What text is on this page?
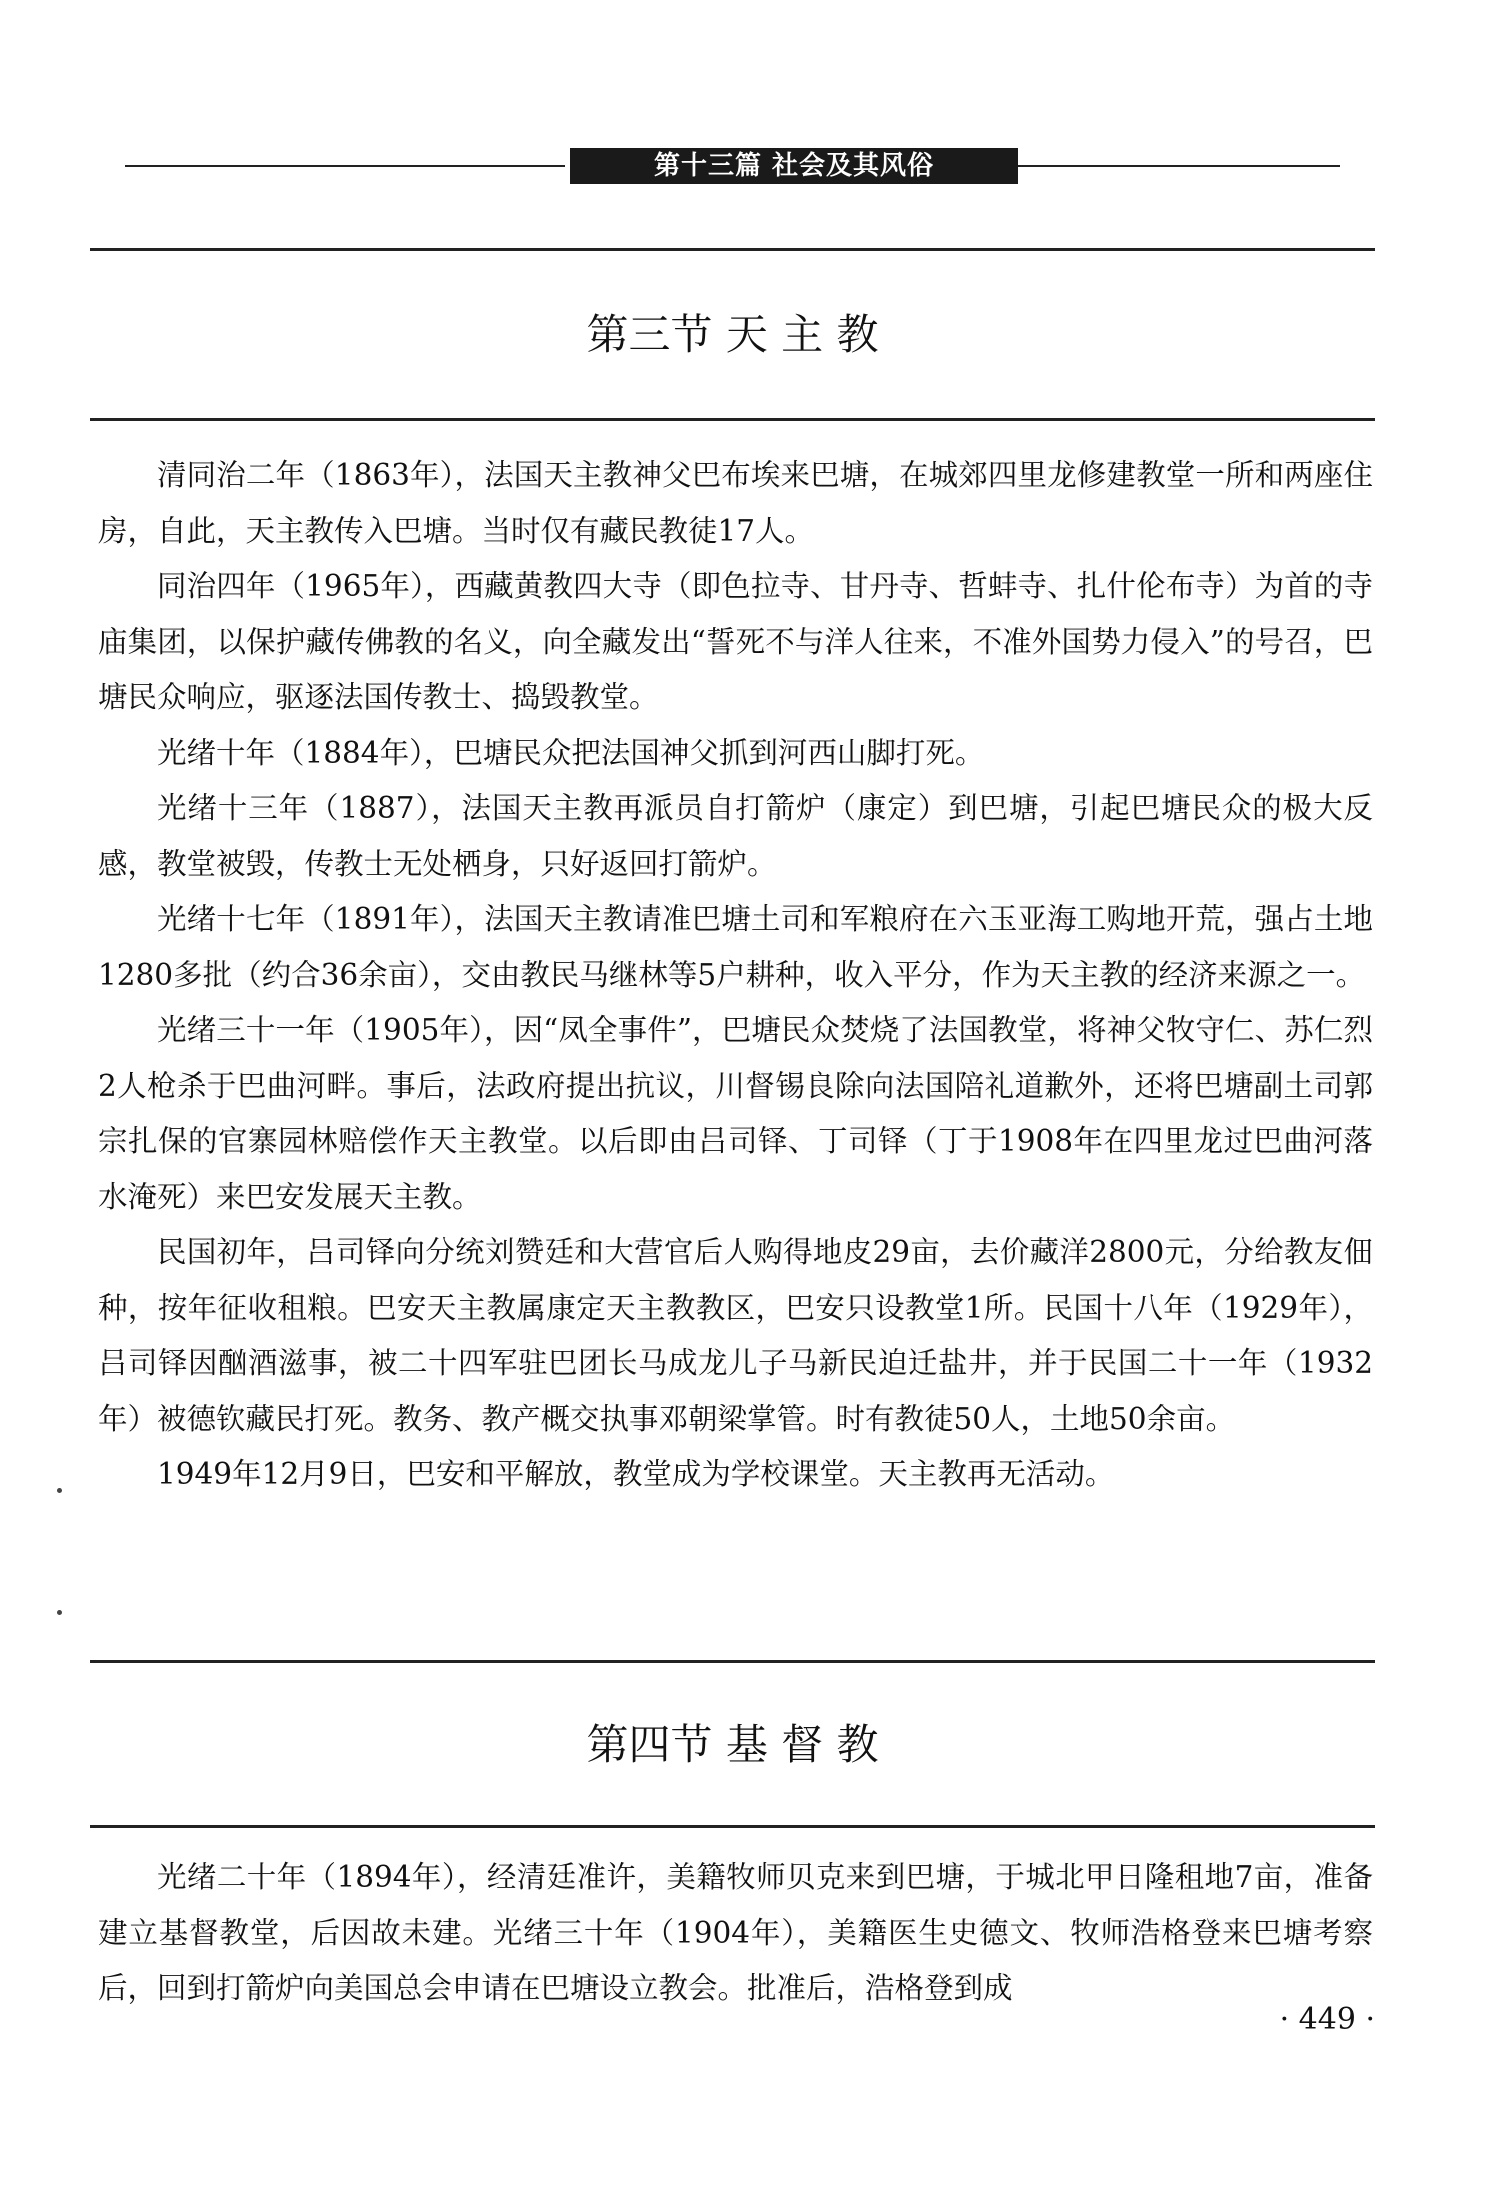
第十三篇 社会及其风俗
第三节 天 主 教

清同治二年（1863年），法国天主教神父巴布埃来巴塘，在城郊四里龙修建教堂一所和两座住房，自此，天主教传入巴塘。当时仅有藏民教徒17人。

同治四年（1965年），西藏黄教四大寺（即色拉寺、甘丹寺、哲蚌寺、扎什伦布寺）为首的寺庙集团，以保护藏传佛教的名义，向全藏发出“誓死不与洋人往来，不准外国势力侵入”的号召，巴塘民众响应，驱逐法国传教士、捣毁教堂。

光绪十年（1884年），巴塘民众把法国神父抓到河西山脚打死。

光绪十三年（1887），法国天主教再派员自打箭炉（康定）到巴塘，引起巴塘民众的极大反感，教堂被毁，传教士无处栖身，只好返回打箭炉。

光绪十七年（1891年），法国天主教请准巴塘土司和军粮府在六玉亚海工购地开荒，强占土地1280多批（约合36余亩），交由教民马继林等5户耕种，收入平分，作为天主教的经济来源之一。

光绪三十一年（1905年），因“凤全事件”，巴塘民众焚烧了法国教堂，将神父牧守仁、苏仁烈2人枪杀于巴曲河畔。事后，法政府提出抗议，川督锡良除向法国陪礼道歉外，还将巴塘副土司郭宗扎保的官寨园林赔偿作天主教堂。以后即由吕司铎、丁司铎（丁于1908年在四里龙过巴曲河落水淹死）来巴安发展天主教。

民国初年，吕司铎向分统刘赞廷和大营官后人购得地皮29亩，去价藏洋2800元，分给教友佃种，按年征收租粮。巴安天主教属康定天主教教区，巴安只设教堂1所。民国十八年（1929年），吕司铎因酗酒滋事，被二十四军驻巴团长马成龙儿子马新民迫迁盐井，并于民国二十一年（1932年）被德钦藏民打死。教务、教产概交执事邓朝梁掌管。时有教徒50人，土地50余亩。

1949年12月9日，巴安和平解放，教堂成为学校课堂。天主教再无活动。

第四节 基 督 教

光绪二十年（1894年），经清廷准许，美籍牧师贝克来到巴塘，于城北甲日隆租地7亩，准备建立基督教堂，后因故未建。光绪三十年（1904年），美籍医生史德文、牧师浩格登来巴塘考察后，回到打箭炉向美国总会申请在巴塘设立教会。批准后，浩格登到成

· 449 ·
